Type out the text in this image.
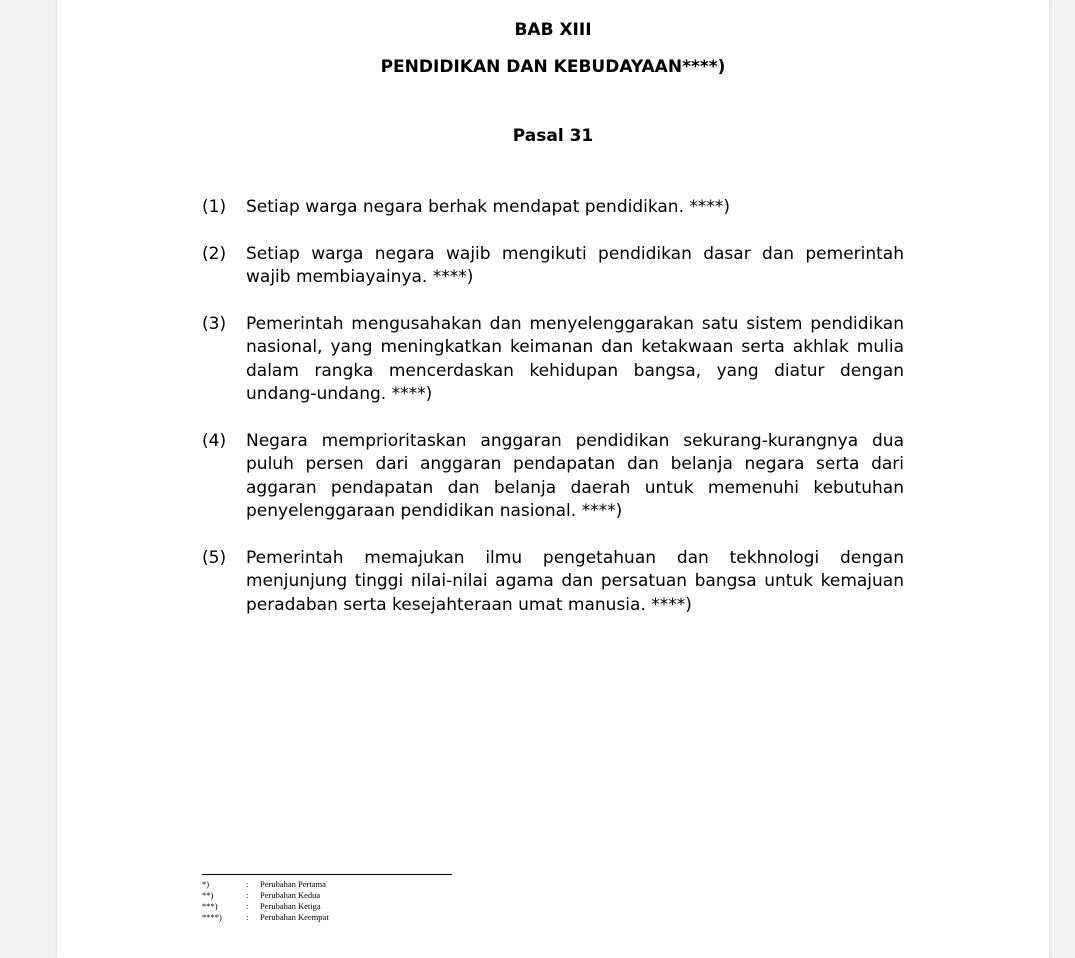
BAB XIII
PENDIDIKAN DAN KEBUDAYAAN****)
Pasal 31
(1) Setiap warga negara berhak mendapat pendidikan. ****)
(2) Setiap warga negara wajib mengikuti pendidikan dasar dan pemerintah wajib membiayainya. ****)
(3) Pemerintah mengusahakan dan menyelenggarakan satu sistem pendidikan nasional, yang meningkatkan keimanan dan ketakwaan serta akhlak mulia dalam rangka mencerdaskan kehidupan bangsa, yang diatur dengan undang-undang. ****)
(4) Negara memprioritaskan anggaran pendidikan sekurang-kurangnya dua puluh persen dari anggaran pendapatan dan belanja negara serta dari aggaran pendapatan dan belanja daerah untuk memenuhi kebutuhan penyelenggaraan pendidikan nasional. ****)
(5) Pemerintah memajukan ilmu pengetahuan dan tekhnologi dengan menjunjung tinggi nilai-nilai agama dan persatuan bangsa untuk kemajuan peradaban serta kesejahteraan umat manusia. ****)
*)	: Perubahan Pertama
**)	: Perubahan Kedua
***)	: Perubahan Ketiga
****)	: Perubahan Keempat
